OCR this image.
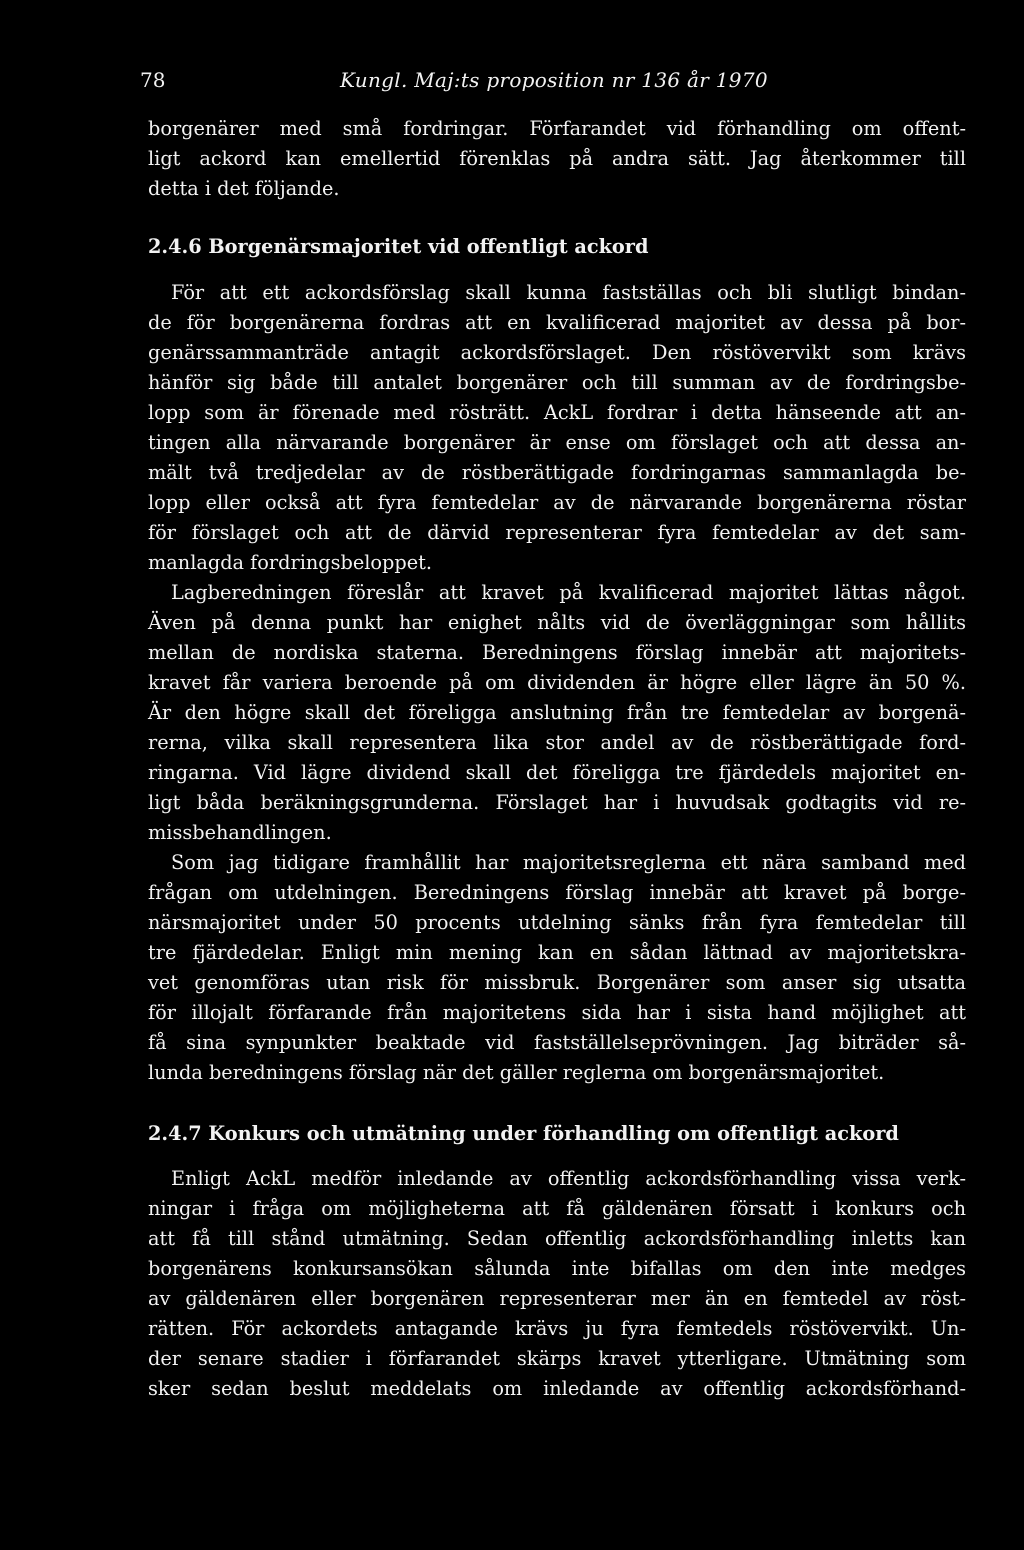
78	Kungl. Maj:ts proposition nr 136 år 1970
borgenärer med små fordringar. Förfarandet vid förhandling om offent-
ligt ackord kan emellertid förenklas på andra sätt. Jag återkommer till
detta i det följande.
2.4.6 Borgenärsmajoritet vid offentligt ackord
För att ett ackordsförslag skall kunna fastställas och bli slutligt bindan-
de för borgenärerna fordras att en kvalificerad majoritet av dessa på bor-
genärssammanträde antagit ackordsförslaget. Den röstövervikt som krävs
hänför sig både till antalet borgenärer och till summan av de fordringsbe-
lopp som är förenade med rösträtt. AckL fordrar i detta hänseende att an-
tingen alla närvarande borgenärer är ense om förslaget och att dessa an-
mält två tredjedelar av de röstberättigade fordringarnas sammanlagda be-
lopp eller också att fyra femtedelar av de närvarande borgenärerna röstar
för förslaget och att de därvid representerar fyra femtedelar av det sam-
manlagda fordringsbeloppet.
Lagberedningen föreslår att kravet på kvalificerad majoritet lättas något.
Även på denna punkt har enighet nålts vid de överläggningar som hållits
mellan de nordiska staterna. Beredningens förslag innebär att majoritets-
kravet får variera beroende på om dividenden är högre eller lägre än 50 %.
Är den högre skall det föreligga anslutning från tre femtedelar av borgenä-
rerna, vilka skall representera lika stor andel av de röstberättigade ford-
ringarna. Vid lägre dividend skall det föreligga tre fjärdedels majoritet en-
ligt båda beräkningsgrunderna. Förslaget har i huvudsak godtagits vid re-
missbehandlingen.
Som jag tidigare framhållit har majoritetsreglerna ett nära samband med
frågan om utdelningen. Beredningens förslag innebär att kravet på borge-
närsmajoritet under 50 procents utdelning sänks från fyra femtedelar till
tre fjärdedelar. Enligt min mening kan en sådan lättnad av majoritetskra-
vet genomföras utan risk för missbruk. Borgenärer som anser sig utsatta
för illojalt förfarande från majoritetens sida har i sista hand möjlighet att
få sina synpunkter beaktade vid fastställelseprövningen. Jag biträder så-
lunda beredningens förslag när det gäller reglerna om borgenärsmajoritet.
2.4.7 Konkurs och utmätning under förhandling om offentligt ackord
Enligt AckL medför inledande av offentlig ackordsförhandling vissa verk-
ningar i fråga om möjligheterna att få gäldenären försatt i konkurs och
att få till stånd utmätning. Sedan offentlig ackordsförhandling inletts kan
borgenärens konkursansökan sålunda inte bifallas om den inte medges
av gäldenären eller borgenären representerar mer än en femtedel av röst-
rätten. För ackordets antagande krävs ju fyra femtedels röstövervikt. Un-
der senare stadier i förfarandet skärps kravet ytterligare. Utmätning som
sker sedan beslut meddelats om inledande av offentlig ackordsförhand-
